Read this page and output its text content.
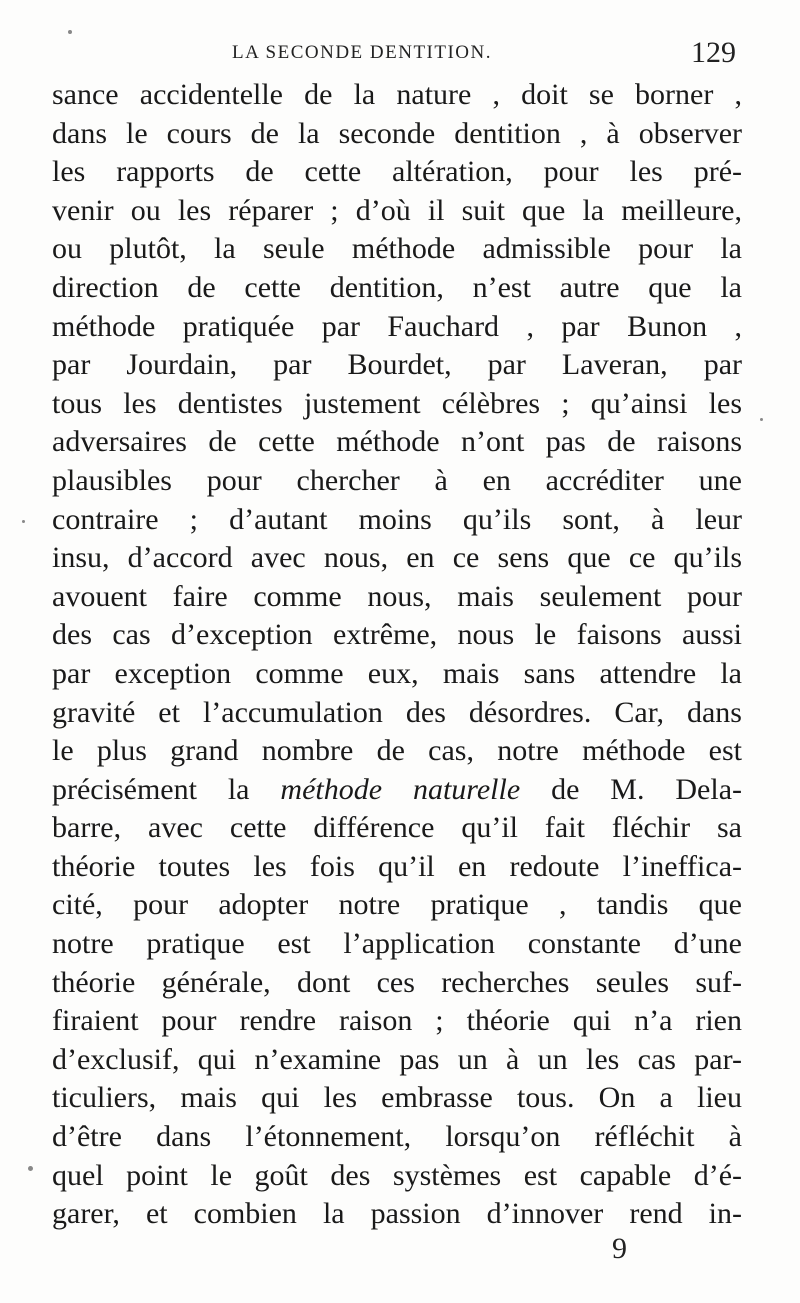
LA SECONDE DENTITION.	129
sance accidentelle de la nature , doit se borner ,
dans le cours de la seconde dentition , à observer
les rapports de cette altération, pour les pré-
venir ou les réparer ; d’où il suit que la meilleure,
ou plutôt, la seule méthode admissible pour la
direction de cette dentition, n’est autre que la
méthode pratiquée par Fauchard , par Bunon ,
par Jourdain, par Bourdet, par Laveran, par
tous les dentistes justement célèbres ; qu’ainsi les
adversaires de cette méthode n’ont pas de raisons
plausibles pour chercher à en accréditer une
contraire ; d’autant moins qu’ils sont, à leur
insu, d’accord avec nous, en ce sens que ce qu’ils
avouent faire comme nous, mais seulement pour
des cas d’exception extrême, nous le faisons aussi
par exception comme eux, mais sans attendre la
gravité et l’accumulation des désordres. Car, dans
le plus grand nombre de cas, notre méthode est
précisément la méthode naturelle de M. Dela-
barre, avec cette différence qu’il fait fléchir sa
théorie toutes les fois qu’il en redoute l’ineffica-
cité, pour adopter notre pratique , tandis que
notre pratique est l’application constante d’une
théorie générale, dont ces recherches seules suf-
firaient pour rendre raison ; théorie qui n’a rien
d’exclusif, qui n’examine pas un à un les cas par-
ticuliers, mais qui les embrasse tous. On a lieu
d’être dans l’étonnement, lorsqu’on réfléchit à
quel point le goût des systèmes est capable d’é-
garer, et combien la passion d’innover rend in-
9
